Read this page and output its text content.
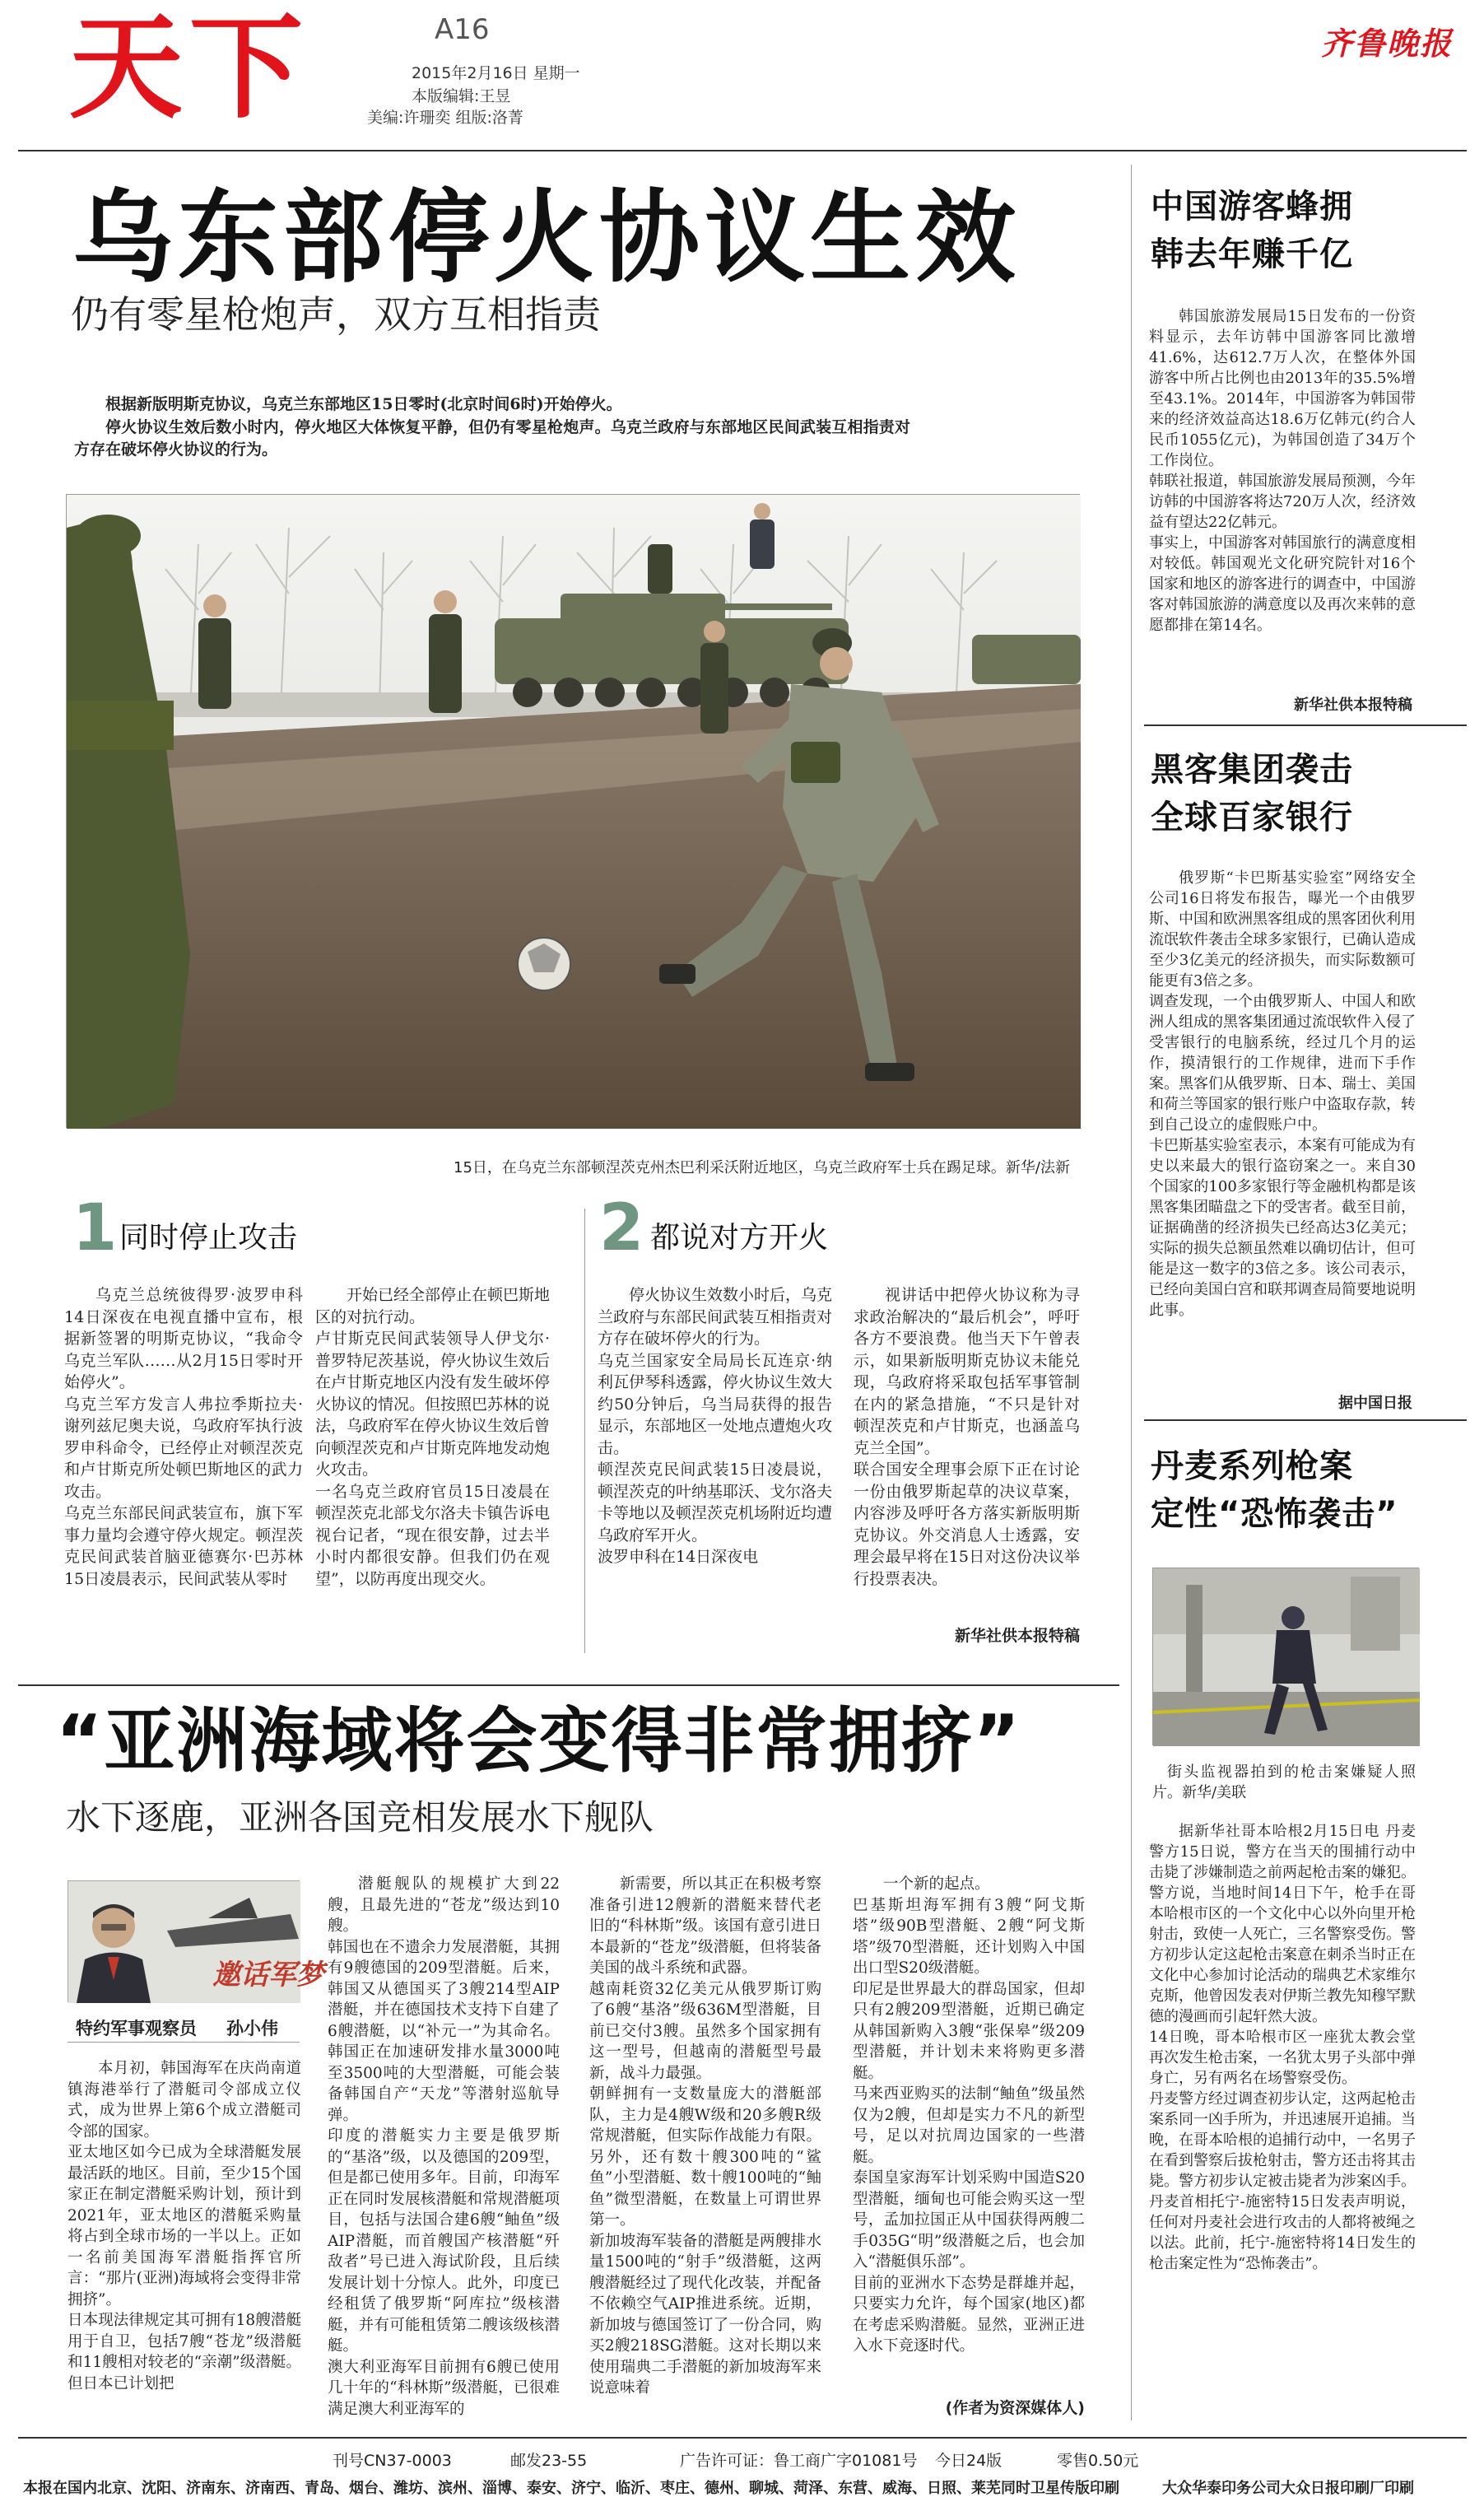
天下	A16
2015年2月16日 星期一
本版编辑:王昱
美编:许珊奕 组版:洛菁
齐鲁晚报
乌东部停火协议生效
仍有零星枪炮声，双方互相指责
根据新版明斯克协议，乌克兰东部地区15日零时(北京时间6时)开始停火。
停火协议生效后数小时内，停火地区大体恢复平静，但仍有零星枪炮声。乌克兰政府与东部地区民间武装互相指责对方存在破坏停火协议的行为。
15日，在乌克兰东部顿涅茨克州杰巴利采沃附近地区，乌克兰政府军士兵在踢足球。新华/法新
1 同时停止攻击
乌克兰总统彼得罗·波罗申科14日深夜在电视直播中宣布，根据新签署的明斯克协议，“我命令乌克兰军队……从2月15日零时开始停火”。
乌克兰军方发言人弗拉季斯拉夫·谢列兹尼奥夫说，乌政府军执行波罗申科命令，已经停止对顿涅茨克和卢甘斯克所处顿巴斯地区的武力攻击。
乌克兰东部民间武装宣布，旗下军事力量均会遵守停火规定。顿涅茨克民间武装首脑亚德赛尔·巴苏林15日凌晨表示，民间武装从零时
开始已经全部停止在顿巴斯地区的对抗行动。
卢甘斯克民间武装领导人伊戈尔·普罗特尼茨基说，停火协议生效后在卢甘斯克地区内没有发生破坏停火协议的情况。但按照巴苏林的说法，乌政府军在停火协议生效后曾向顿涅茨克和卢甘斯克阵地发动炮火攻击。
一名乌克兰政府官员15日凌晨在顿涅茨克北部戈尔洛夫卡镇告诉电视台记者，“现在很安静，过去半小时内都很安静。但我们仍在观望”，以防再度出现交火。
2 都说对方开火
停火协议生效数小时后，乌克兰政府与东部民间武装互相指责对方存在破坏停火的行为。
乌克兰国家安全局局长瓦连京·纳利瓦伊琴科透露，停火协议生效大约50分钟后，乌当局获得的报告显示，东部地区一处地点遭炮火攻击。
顿涅茨克民间武装15日凌晨说，顿涅茨克的叶纳基耶沃、戈尔洛夫卡等地以及顿涅茨克机场附近均遭乌政府军开火。
波罗申科在14日深夜电
视讲话中把停火协议称为寻求政治解决的“最后机会”，呼吁各方不要浪费。他当天下午曾表示，如果新版明斯克协议未能兑现，乌政府将采取包括军事管制在内的紧急措施，“不只是针对顿涅茨克和卢甘斯克，也涵盖乌克兰全国”。
联合国安全理事会原下正在讨论一份由俄罗斯起草的决议草案，内容涉及呼吁各方落实新版明斯克协议。外交消息人士透露，安理会最早将在15日对这份决议举行投票表决。
新华社供本报特稿
“亚洲海域将会变得非常拥挤”
水下逐鹿，亚洲各国竞相发展水下舰队
邀话军梦
特约军事观察员 孙小伟
本月初，韩国海军在庆尚南道镇海港举行了潜艇司令部成立仪式，成为世界上第6个成立潜艇司令部的国家。
亚太地区如今已成为全球潜艇发展最活跃的地区。目前，至少15个国家正在制定潜艇采购计划，预计到2021年，亚太地区的潜艇采购量将占到全球市场的一半以上。正如一名前美国海军潜艇指挥官所言：“那片(亚洲)海域将会变得非常拥挤”。
日本现法律规定其可拥有18艘潜艇用于自卫，包括7艘“苍龙”级潜艇和11艘相对较老的“亲潮”级潜艇。但日本已计划把
潜艇舰队的规模扩大到22艘，且最先进的“苍龙”级达到10艘。
韩国也在不遗余力发展潜艇，其拥有9艘德国的209型潜艇。后来，韩国又从德国买了3艘214型AIP潜艇，并在德国技术支持下自建了6艘潜艇，以“补元一”为其命名。韩国正在加速研发排水量3000吨至3500吨的大型潜艇，可能会装备韩国自产“天龙”等潜射巡航导弹。
印度的潜艇实力主要是俄罗斯的“基洛”级，以及德国的209型，但是都已使用多年。目前，印海军正在同时发展核潜艇和常规潜艇项目，包括与法国合建6艘“鲉鱼”级AIP潜艇，而首艘国产核潜艇“歼敌者”号已进入海试阶段，且后续发展计划十分惊人。此外，印度已经租赁了俄罗斯“阿库拉”级核潜艇，并有可能租赁第二艘该级核潜艇。
澳大利亚海军目前拥有6艘已使用几十年的“科林斯”级潜艇，已很难满足澳大利亚海军的
新需要，所以其正在积极考察准备引进12艘新的潜艇来替代老旧的“科林斯”级。该国有意引进日本最新的“苍龙”级潜艇，但将装备美国的战斗系统和武器。
越南耗资32亿美元从俄罗斯订购了6艘“基洛”级636M型潜艇，目前已交付3艘。虽然多个国家拥有这一型号，但越南的潜艇型号最新，战斗力最强。
朝鲜拥有一支数量庞大的潜艇部队，主力是4艘W级和20多艘R级常规潜艇，但实际作战能力有限。另外，还有数十艘300吨的“鲨鱼”小型潜艇、数十艘100吨的“鲉鱼”微型潜艇，在数量上可谓世界第一。
新加坡海军装备的潜艇是两艘排水量1500吨的“射手”级潜艇，这两艘潜艇经过了现代化改装，并配备不依赖空气AIP推进系统。近期，新加坡与德国签订了一份合同，购买2艘218SG潜艇。这对长期以来使用瑞典二手潜艇的新加坡海军来说意味着
一个新的起点。
巴基斯坦海军拥有3艘“阿戈斯塔”级90B型潜艇、2艘“阿戈斯塔”级70型潜艇，还计划购入中国出口型S20级潜艇。
印尼是世界最大的群岛国家，但却只有2艘209型潜艇，近期已确定从韩国新购入3艘“张保皋”级209型潜艇，并计划未来将购更多潜艇。
马来西亚购买的法制“鲉鱼”级虽然仅为2艘，但却是实力不凡的新型号，足以对抗周边国家的一些潜艇。
泰国皇家海军计划采购中国造S20型潜艇，缅甸也可能会购买这一型号，孟加拉国正从中国获得两艘二手035G“明”级潜艇之后，也会加入“潜艇俱乐部”。
目前的亚洲水下态势是群雄并起，只要实力允许，每个国家(地区)都在考虑采购潜艇。显然，亚洲正进入水下竞逐时代。
(作者为资深媒体人)
中国游客蜂拥
韩去年赚千亿
韩国旅游发展局15日发布的一份资料显示，去年访韩中国游客同比激增41.6%，达612.7万人次，在整体外国游客中所占比例也由2013年的35.5%增至43.1%。2014年，中国游客为韩国带来的经济效益高达18.6万亿韩元(约合人民币1055亿元)，为韩国创造了34万个工作岗位。
韩联社报道，韩国旅游发展局预测，今年访韩的中国游客将达720万人次，经济效益有望达22亿韩元。
事实上，中国游客对韩国旅行的满意度相对较低。韩国观光文化研究院针对16个国家和地区的游客进行的调查中，中国游客对韩国旅游的满意度以及再次来韩的意愿都排在第14名。
新华社供本报特稿
黑客集团袭击
全球百家银行
俄罗斯“卡巴斯基实验室”网络安全公司16日将发布报告，曝光一个由俄罗斯、中国和欧洲黑客组成的黑客团伙利用流氓软件袭击全球多家银行，已确认造成至少3亿美元的经济损失，而实际数额可能更有3倍之多。
调查发现，一个由俄罗斯人、中国人和欧洲人组成的黑客集团通过流氓软件入侵了受害银行的电脑系统，经过几个月的运作，摸清银行的工作规律，进而下手作案。黑客们从俄罗斯、日本、瑞士、美国和荷兰等国家的银行账户中盗取存款，转到自己设立的虚假账户中。
卡巴斯基实验室表示，本案有可能成为有史以来最大的银行盗窃案之一。来自30个国家的100多家银行等金融机构都是该黑客集团瞄盘之下的受害者。截至目前，证据确凿的经济损失已经高达3亿美元；实际的损失总额虽然难以确切估计，但可能是这一数字的3倍之多。该公司表示，已经向美国白宫和联邦调查局简要地说明此事。
据中国日报
丹麦系列枪案
定性“恐怖袭击”
街头监视器拍到的枪击案嫌疑人照片。新华/美联
据新华社哥本哈根2月15日电 丹麦警方15日说，警方在当天的围捕行动中击毙了涉嫌制造之前两起枪击案的嫌犯。
警方说，当地时间14日下午，枪手在哥本哈根市区的一个文化中心以外向里开枪射击，致使一人死亡，三名警察受伤。警方初步认定这起枪击案意在刺杀当时正在文化中心参加讨论活动的瑞典艺术家维尔克斯，他曾因发表对伊斯兰教先知穆罕默德的漫画而引起轩然大波。
14日晚，哥本哈根市区一座犹太教会堂再次发生枪击案，一名犹太男子头部中弹身亡，另有两名在场警察受伤。
丹麦警方经过调查初步认定，这两起枪击案系同一凶手所为，并迅速展开追捕。当晚，在哥本哈根的追捕行动中，一名男子在看到警察后拔枪射击，警方还击将其击毙。警方初步认定被击毙者为涉案凶手。
丹麦首相托宁-施密特15日发表声明说，任何对丹麦社会进行攻击的人都将被绳之以法。此前，托宁-施密特将14日发生的枪击案定性为“恐怖袭击”。
刊号CN37-0003	邮发23-55	广告许可证：鲁工商广字01081号 今日24版	零售0.50元
本报在国内北京、沈阳、济南东、济南西、青岛、烟台、潍坊、滨州、淄博、泰安、济宁、临沂、枣庄、德州、聊城、菏泽、东营、威海、日照、莱芜同时卫星传版印刷	大众华泰印务公司大众日报印刷厂印刷
